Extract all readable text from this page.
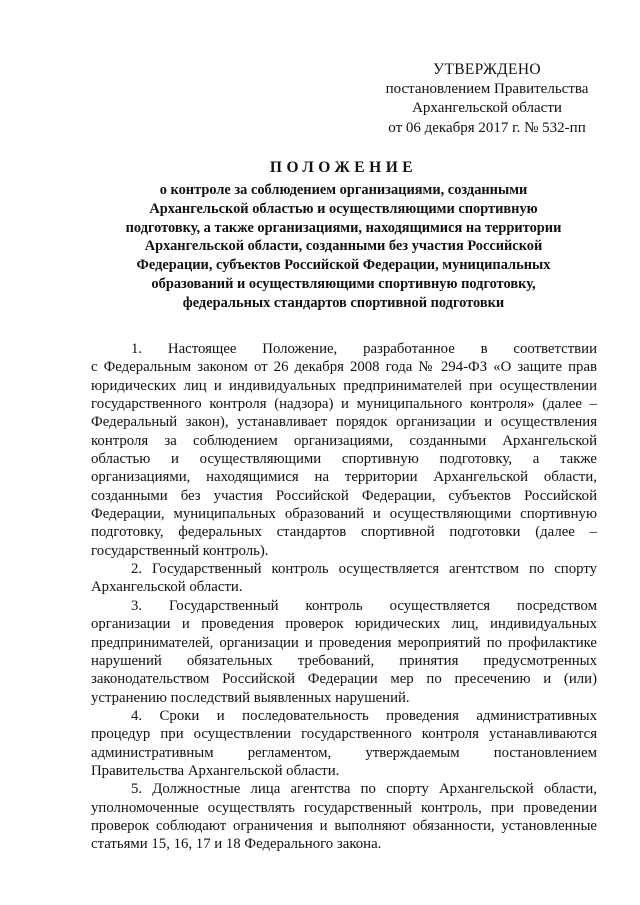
УТВЕРЖДЕНО
постановлением Правительства
Архангельской области
от 06 декабря 2017 г. № 532-пп
ПОЛОЖЕНИЕ
о контроле за соблюдением организациями, созданными
Архангельской областью и осуществляющими спортивную
подготовку, а также организациями, находящимися на территории
Архангельской области, созданными без участия Российской
Федерации, субъектов Российской Федерации, муниципальных
образований и осуществляющими спортивную подготовку,
федеральных стандартов спортивной подготовки
1. Настоящее Положение, разработанное в соответствии
с Федеральным законом от 26 декабря 2008 года № 294-ФЗ «О защите прав
юридических лиц и индивидуальных предпринимателей при осуществлении
государственного контроля (надзора) и муниципального контроля» (далее –
Федеральный закон), устанавливает порядок организации и осуществления
контроля за соблюдением организациями, созданными Архангельской
областью и осуществляющими спортивную подготовку, а также
организациями, находящимися на территории Архангельской области,
созданными без участия Российской Федерации, субъектов Российской
Федерации, муниципальных образований и осуществляющими спортивную
подготовку, федеральных стандартов спортивной подготовки (далее –
государственный контроль).
2. Государственный контроль осуществляется агентством по спорту
Архангельской области.
3. Государственный контроль осуществляется посредством
организации и проведения проверок юридических лиц, индивидуальных
предпринимателей, организации и проведения мероприятий по профилактике
нарушений обязательных требований, принятия предусмотренных
законодательством Российской Федерации мер по пресечению и (или)
устранению последствий выявленных нарушений.
4. Сроки и последовательность проведения административных
процедур при осуществлении государственного контроля устанавливаются
административным регламентом, утверждаемым постановлением
Правительства Архангельской области.
5. Должностные лица агентства по спорту Архангельской области,
уполномоченные осуществлять государственный контроль, при проведении
проверок соблюдают ограничения и выполняют обязанности, установленные
статьями 15, 16, 17 и 18 Федерального закона.
